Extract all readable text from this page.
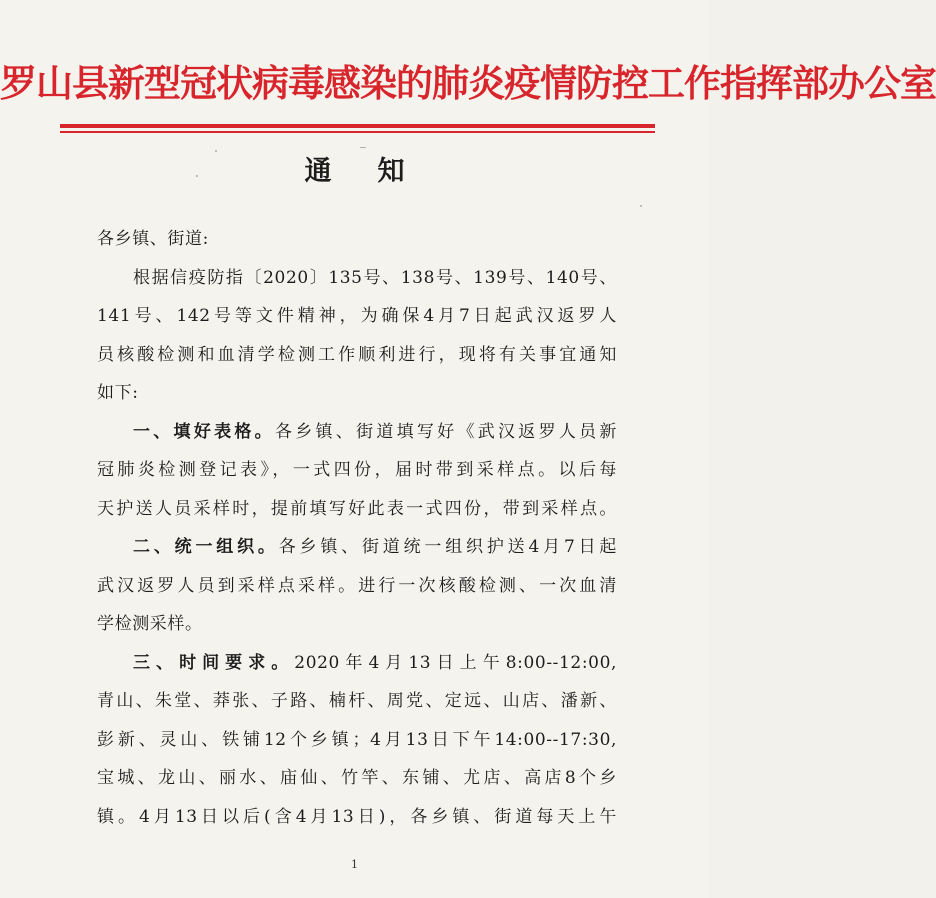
罗山县新型冠状病毒感染的肺炎疫情防控工作指挥部办公室
通 知
各乡镇、街道:
根据信疫防指〔2020〕135号、138号、139号、140号、
141号、142号等文件精神，为确保4月7日起武汉返罗人
员核酸检测和血清学检测工作顺利进行，现将有关事宜通知
如下:
一、填好表格。各乡镇、街道填写好《武汉返罗人员新
冠肺炎检测登记表》，一式四份，届时带到采样点。以后每
天护送人员采样时，提前填写好此表一式四份，带到采样点。
二、统一组织。各乡镇、街道统一组织护送4月7日起
武汉返罗人员到采样点采样。进行一次核酸检测、一次血清
学检测采样。
三、时间要求。2020年4月13日上午8:00--12:00,
青山、朱堂、莽张、子路、楠杆、周党、定远、山店、潘新、
彭新、灵山、铁铺12个乡镇；4月13日下午14:00--17:30,
宝城、龙山、丽水、庙仙、竹竿、东铺、尤店、高店8个乡
镇。4月13日以后(含4月13日)，各乡镇、街道每天上午
1
